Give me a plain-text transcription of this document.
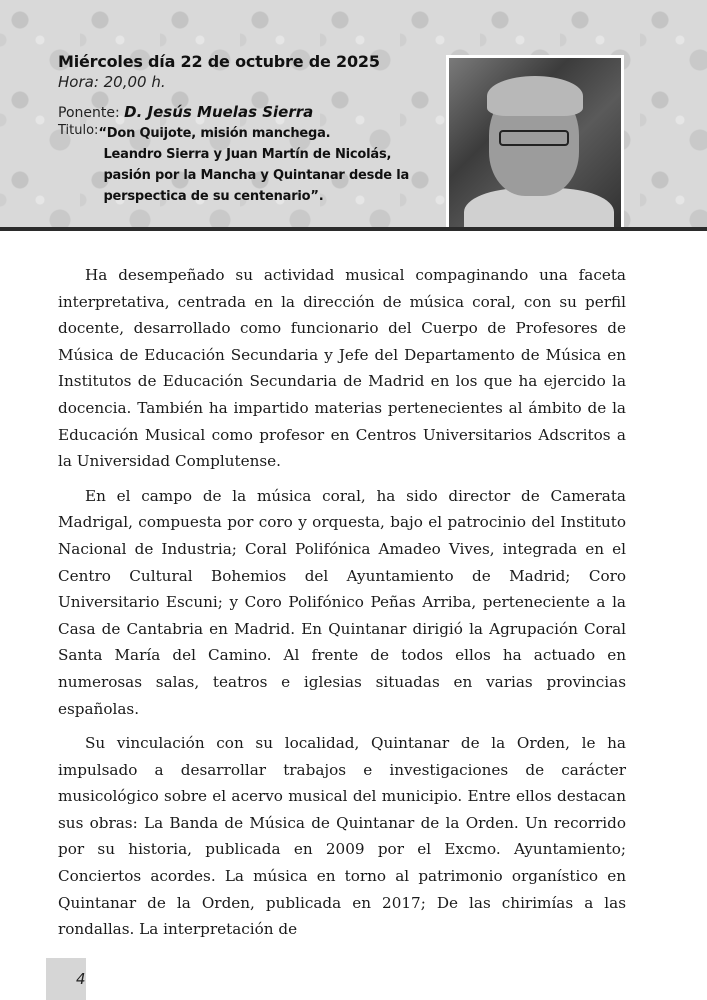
Miércoles día 22 de octubre de 2025
Hora: 20,00 h.
Ponente: D. Jesús Muelas Sierra
Titulo: “Don Quijote, misión manchega.
Leandro Sierra y Juan Martín de Nicolás,
pasión por la Mancha y Quintanar desde la
perspectica de su centenario”.

Ha desempeñado su actividad musical compaginando una faceta interpretativa, centrada en la dirección de música coral, con su perfil docente, desarrollado como funcionario del Cuerpo de Profesores de Música de Educación Secundaria y Jefe del Departamento de Música en Institutos de Educación Secundaria de Madrid en los que ha ejercido la docencia. También ha impartido materias pertenecientes al ámbito de la Educación Musical como profesor en Centros Universitarios Adscritos a la Universidad Complutense.

En el campo de la música coral, ha sido director de Camerata Madrigal, compuesta por coro y orquesta, bajo el patrocinio del Instituto Nacional de Industria; Coral Polifónica Amadeo Vives, integrada en el Centro Cultural Bohemios del Ayuntamiento de Madrid; Coro Universitario Escuni; y Coro Polifónico Peñas Arriba, perteneciente a la Casa de Cantabria en Madrid. En Quintanar dirigió la Agrupación Coral Santa María del Camino. Al frente de todos ellos ha actuado en numerosas salas, teatros e iglesias situadas en varias provincias españolas.

Su vinculación con su localidad, Quintanar de la Orden, le ha impulsado a desarrollar trabajos e investigaciones de carácter musicológico sobre el acervo musical del municipio. Entre ellos destacan sus obras: La Banda de Música de Quintanar de la Orden. Un recorrido por su historia, publicada en 2009 por el Excmo. Ayuntamiento; Conciertos acordes. La música en torno al patrimonio organístico en Quintanar de la Orden, publicada en 2017; De las chirimías a las rondallas. La interpretación de

4
